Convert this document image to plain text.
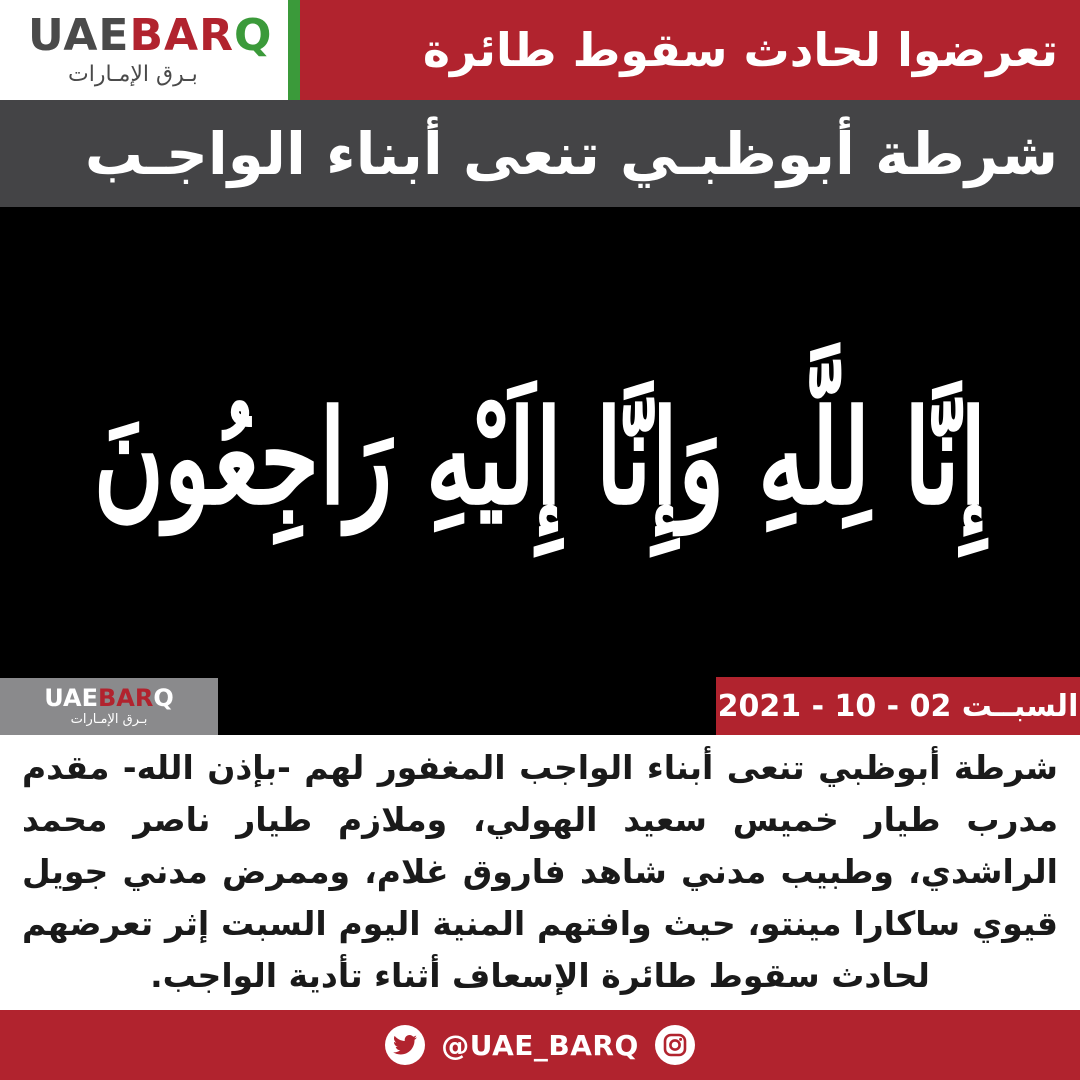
UAEBARQ
بـرق الإمـارات	تعرضوا لحادث سقوط طائرة
شرطة أبوظبـي تنعى أبناء الواجـب
إِنَّا لِلَّهِ وَإِنَّا إِلَيْهِ رَاجِعُونَ
UAEBARQ
بـرق الإمـارات	السبــت 02 - 10 - 2021
شرطة أبوظبي تنعى أبناء الواجب المغفور لهم -بإذن الله- مقدم مدرب طيار خميس سعيد الهولي، وملازم طيار ناصر محمد الراشدي، وطبيب مدني شاهد فاروق غلام، وممرض مدني جويل قيوي ساكارا مينتو، حيث وافتهم المنية اليوم السبت إثر تعرضهم لحادث سقوط طائرة الإسعاف أثناء تأدية الواجب.
@UAE_BARQ
